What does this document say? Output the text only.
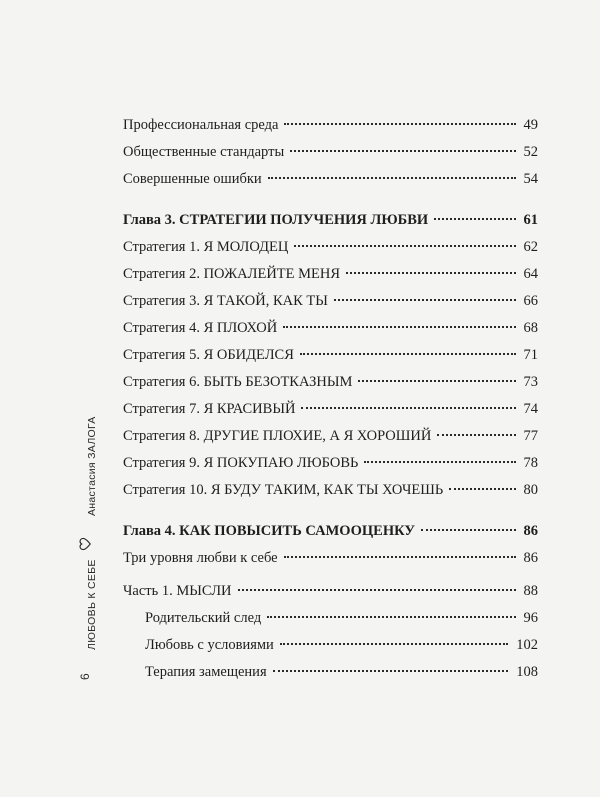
Профессиональная среда	49
Общественные стандарты	52
Совершенные ошибки	54
Глава 3. СТРАТЕГИИ ПОЛУЧЕНИЯ ЛЮБВИ	61
Стратегия 1. Я МОЛОДЕЦ	62
Стратегия 2. ПОЖАЛЕЙТЕ МЕНЯ	64
Стратегия 3. Я ТАКОЙ, КАК ТЫ	66
Стратегия 4. Я ПЛОХОЙ	68
Стратегия 5. Я ОБИДЕЛСЯ	71
Стратегия 6. БЫТЬ БЕЗОТКАЗНЫМ	73
Стратегия 7. Я КРАСИВЫЙ	74
Стратегия 8. ДРУГИЕ ПЛОХИЕ, А Я ХОРОШИЙ	77
Стратегия 9. Я ПОКУПАЮ ЛЮБОВЬ	78
Стратегия 10. Я БУДУ ТАКИМ, КАК ТЫ ХОЧЕШЬ	80
Глава 4. КАК ПОВЫСИТЬ САМООЦЕНКУ	86
Три уровня любви к себе	86
Часть 1. МЫСЛИ	88
Родительский след	96
Любовь с условиями	102
Терапия замещения	108
6
ЛЮБОВЬ К СЕБЕ
Анастасия ЗАЛОГА
